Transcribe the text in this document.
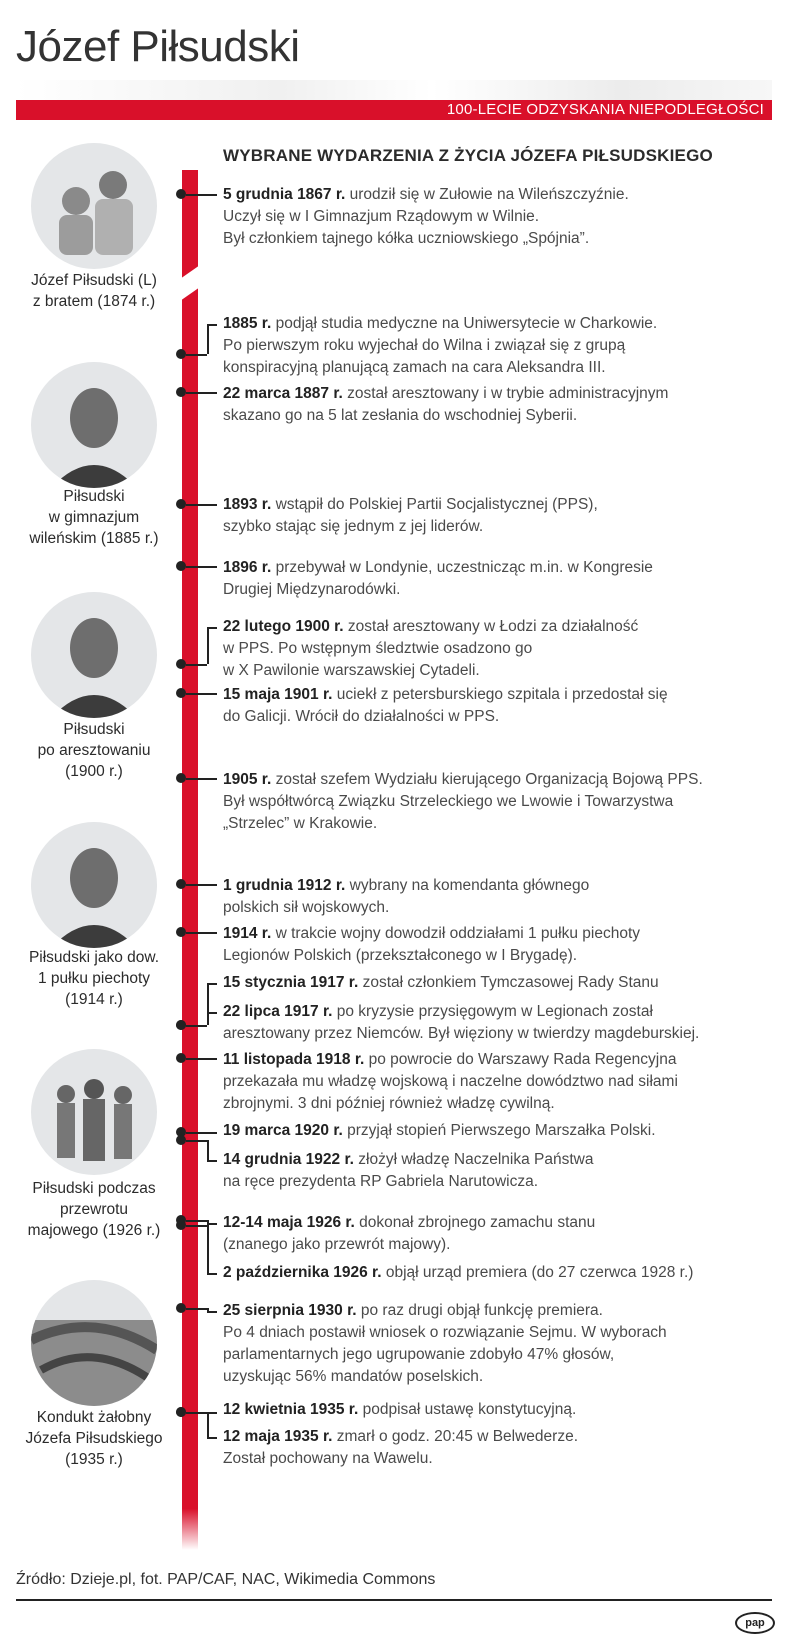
Józef Piłsudski
100-LECIE ODZYSKANIA NIEPODLEGŁOŚCI
WYBRANE WYDARZENIA Z ŻYCIA JÓZEFA PIŁSUDSKIEGO
Józef Piłsudski (L)
z bratem (1874 r.)
Piłsudski
w gimnazjum
wileńskim (1885 r.)
Piłsudski
po aresztowaniu
(1900 r.)
Piłsudski jako dow.
1 pułku piechoty
(1914 r.)
Piłsudski podczas
przewrotu
majowego (1926 r.)
Kondukt żałobny
Józefa Piłsudskiego
(1935 r.)
5 grudnia 1867 r. urodził się w Zułowie na Wileńszczyźnie.
Uczył się w I Gimnazjum Rządowym w Wilnie.
Był członkiem tajnego kółka uczniowskiego „Spójnia”.
1885 r. podjął studia medyczne na Uniwersytecie w Charkowie.
Po pierwszym roku wyjechał do Wilna i związał się z grupą
konspiracyjną planującą zamach na cara Aleksandra III.
22 marca 1887 r. został aresztowany i w trybie administracyjnym
skazano go na 5 lat zesłania do wschodniej Syberii.
1893 r. wstąpił do Polskiej Partii Socjalistycznej (PPS),
szybko stając się jednym z jej liderów.
1896 r. przebywał w Londynie, uczestnicząc m.in. w Kongresie
Drugiej Międzynarodówki.
22 lutego 1900 r. został aresztowany w Łodzi za działalność
w PPS. Po wstępnym śledztwie osadzono go
w X Pawilonie warszawskiej Cytadeli.
15 maja 1901 r. uciekł z petersburskiego szpitala i przedostał się
do Galicji. Wrócił do działalności w PPS.
1905 r. został szefem Wydziału kierującego Organizacją Bojową PPS.
Był współtwórcą Związku Strzeleckiego we Lwowie i Towarzystwa
„Strzelec” w Krakowie.
1 grudnia 1912 r. wybrany na komendanta głównego
polskich sił wojskowych.
1914 r. w trakcie wojny dowodził oddziałami 1 pułku piechoty
Legionów Polskich (przekształconego w I Brygadę).
15 stycznia 1917 r. został członkiem Tymczasowej Rady Stanu
22 lipca 1917 r. po kryzysie przysięgowym w Legionach został
aresztowany przez Niemców. Był więziony w twierdzy magdeburskiej.
11 listopada 1918 r. po powrocie do Warszawy Rada Regencyjna
przekazała mu władzę wojskową i naczelne dowództwo nad siłami
zbrojnymi. 3 dni później również władzę cywilną.
19 marca 1920 r. przyjął stopień Pierwszego Marszałka Polski.
14 grudnia 1922 r. złożył władzę Naczelnika Państwa
na ręce prezydenta RP Gabriela Narutowicza.
12-14 maja 1926 r. dokonał zbrojnego zamachu stanu
(znanego jako przewrót majowy).
2 października 1926 r. objął urząd premiera (do 27 czerwca 1928 r.)
25 sierpnia 1930 r. po raz drugi objął funkcję premiera.
Po 4 dniach postawił wniosek o rozwiązanie Sejmu. W wyborach
parlamentarnych jego ugrupowanie zdobyło 47% głosów,
uzyskując 56% mandatów poselskich.
12 kwietnia 1935 r. podpisał ustawę konstytucyjną.
12 maja 1935 r. zmarł o godz. 20:45 w Belwederze.
Został pochowany na Wawelu.
Źródło: Dzieje.pl, fot. PAP/CAF, NAC, Wikimedia Commons
pap
